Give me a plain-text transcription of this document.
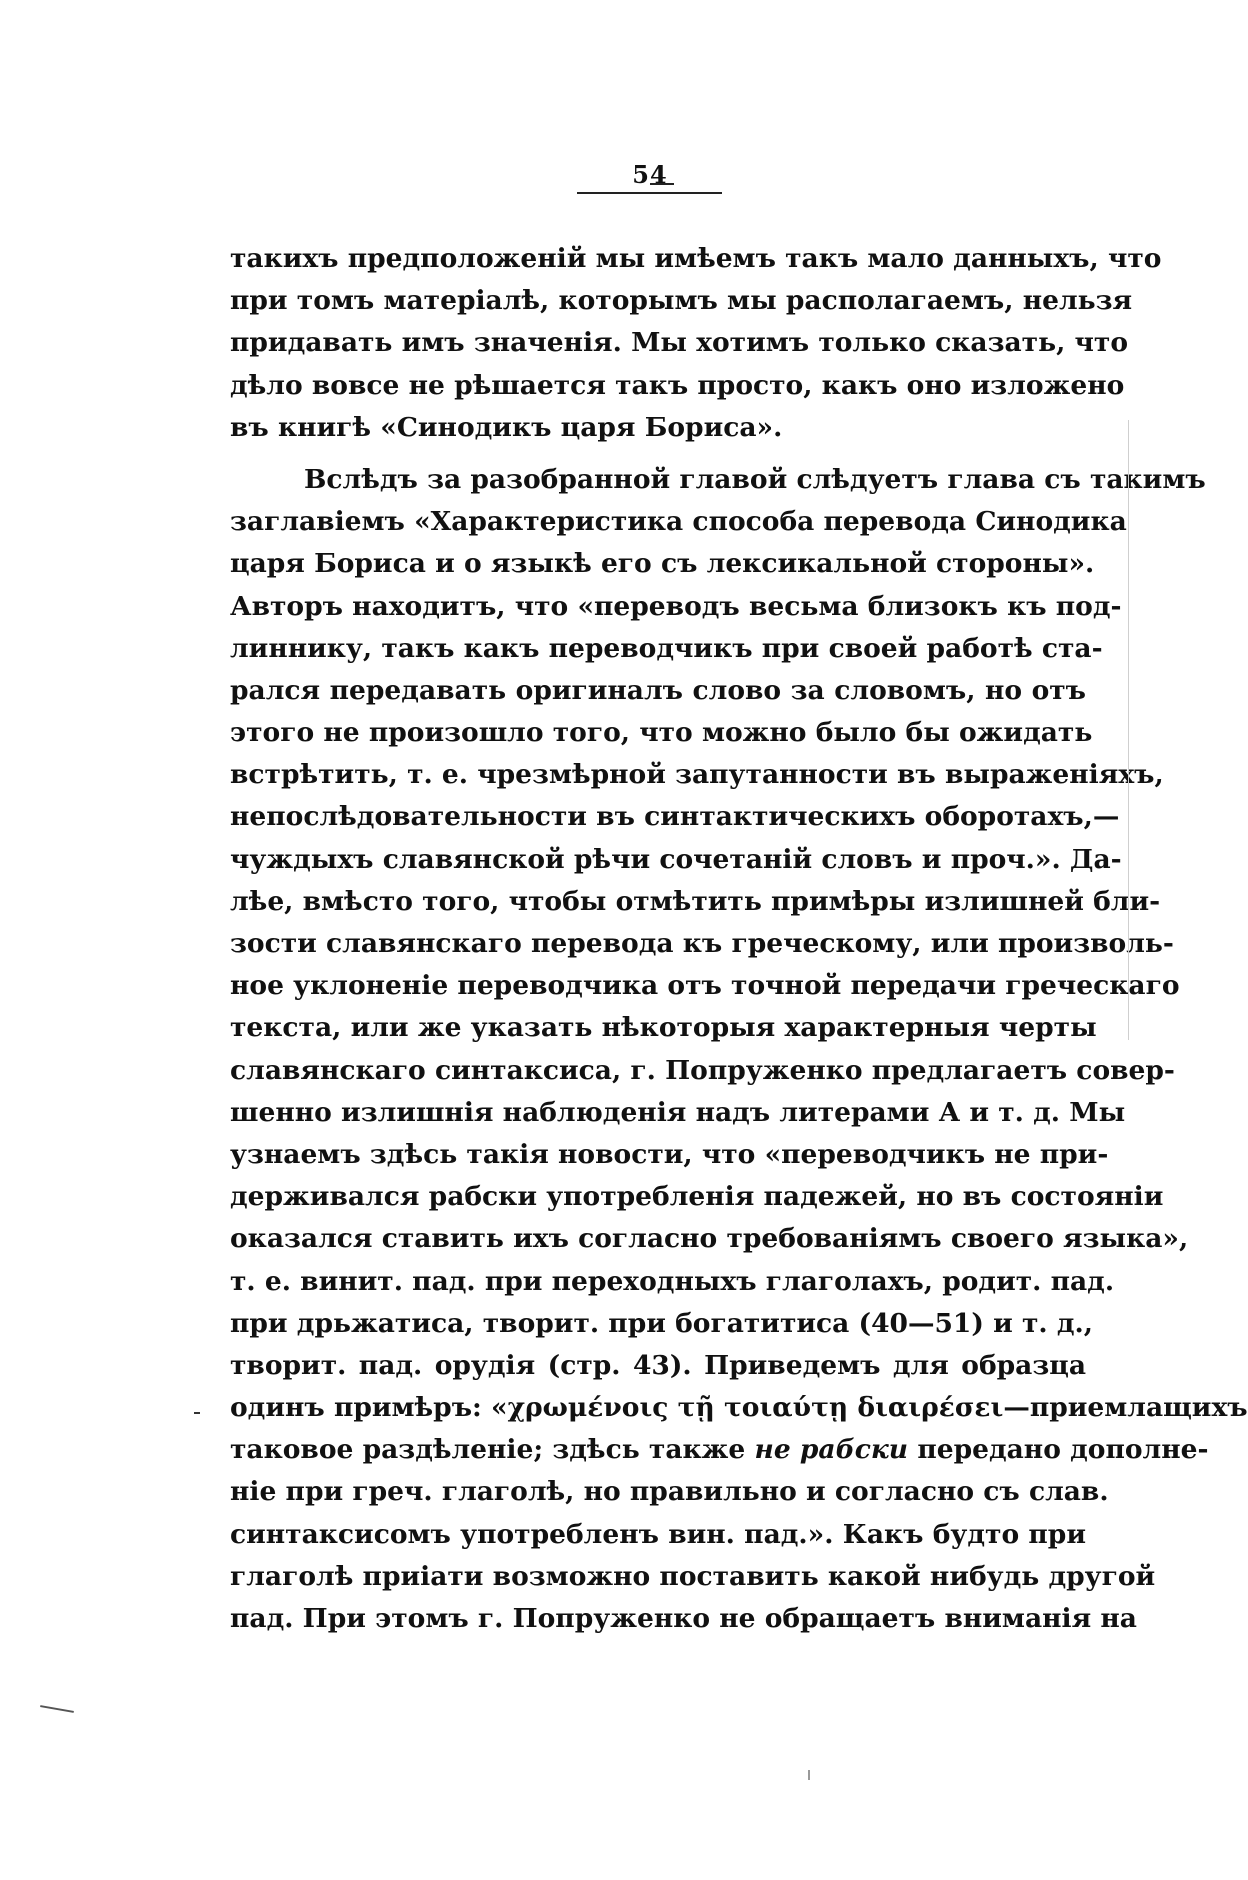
54
такихъ предположеній мы имѣемъ такъ мало данныхъ, что
при томъ матеріалѣ, которымъ мы располагаемъ, нельзя
придавать имъ значенія. Мы хотимъ только сказать, что
дѣло вовсе не рѣшается такъ просто, какъ оно изложено
въ книгѣ «Синодикъ царя Бориса».
Вслѣдъ за разобранной главой слѣдуетъ глава съ такимъ
заглавіемъ «Характеристика способа перевода Синодика
царя Бориса и о языкѣ его съ лексикальной стороны».
Авторъ находитъ, что «переводъ весьма близокъ къ под-
линнику, такъ какъ переводчикъ при своей работѣ ста-
рался передавать оригиналъ слово за словомъ, но отъ
этого не произошло того, что можно было бы ожидать
встрѣтить, т. е. чрезмѣрной запутанности въ выраженіяхъ,
непослѣдовательности въ синтактическихъ оборотахъ,—
чуждыхъ славянской рѣчи сочетаній словъ и проч.». Да-
лѣе, вмѣсто того, чтобы отмѣтить примѣры излишней бли-
зости славянскаго перевода къ греческому, или произволь-
ное уклоненіе переводчика отъ точной передачи греческаго
текста, или же указать нѣкоторыя характерныя черты
славянскаго синтаксиса, г. Попруженко предлагаетъ совер-
шенно излишнія наблюденія надъ литерами А и т. д. Мы
узнаемъ здѣсь такія новости, что «переводчикъ не при-
держивался рабски употребленія падежей, но въ состояніи
оказался ставить ихъ согласно требованіямъ своего языка»,
т. е. винит. пад. при переходныхъ глаголахъ, родит. пад.
при дрьжатиса, творит. при богатитиса (40—51) и т. д.,
творит. пад. орудія (стр. 43). Приведемъ для образца
одинъ примѣръ: «χρωμένοις τῇ τοιαύτῃ διαιρέσει—приемлащихъ
таковое раздѣленіе; здѣсь также не рабски передано дополне-
ніе при греч. глаголѣ, но правильно и согласно съ слав.
синтаксисомъ употребленъ вин. пад.». Какъ будто при
глаголѣ приіати возможно поставить какой нибудь другой
пад. При этомъ г. Попруженко не обращаетъ вниманія на
